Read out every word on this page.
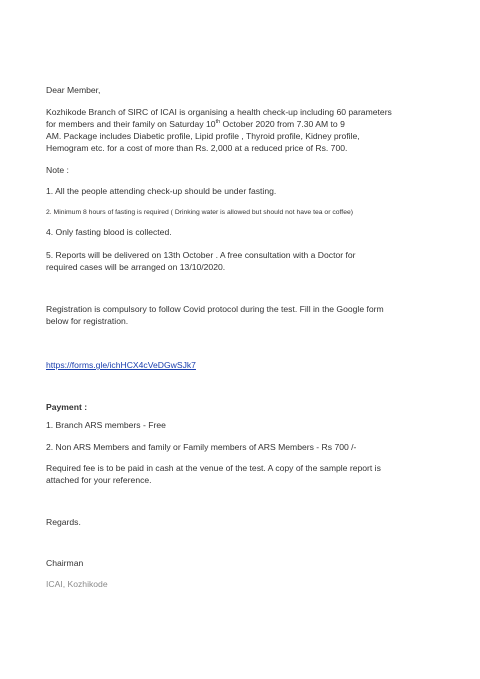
Dear Member,
Kozhikode Branch of SIRC of ICAI is organising a health check-up including 60 parameters
for members and their family on Saturday 10th October 2020 from 7.30 AM to 9
AM. Package includes Diabetic profile, Lipid profile , Thyroid profile, Kidney profile,
Hemogram etc. for a cost of more than Rs. 2,000 at a reduced price of Rs. 700.
Note :
1. All the people attending check-up should be under fasting.
2. Minimum 8 hours of fasting is required ( Drinking water is allowed but should not have tea or coffee)
4. Only fasting blood is collected.
5. Reports will be delivered on 13th October . A free consultation with a Doctor for
required cases will be arranged on 13/10/2020.
Registration is compulsory to follow Covid protocol during the test. Fill in the Google form
below for registration.
https://forms.gle/ichHCX4cVeDGwSJk7
Payment :
1. Branch ARS members - Free
2. Non ARS Members and family or Family members of ARS Members - Rs 700 /-
Required fee is to be paid in cash at the venue of the test. A copy of the sample report is
attached for your reference.
Regards.
Chairman
ICAI, Kozhikode
